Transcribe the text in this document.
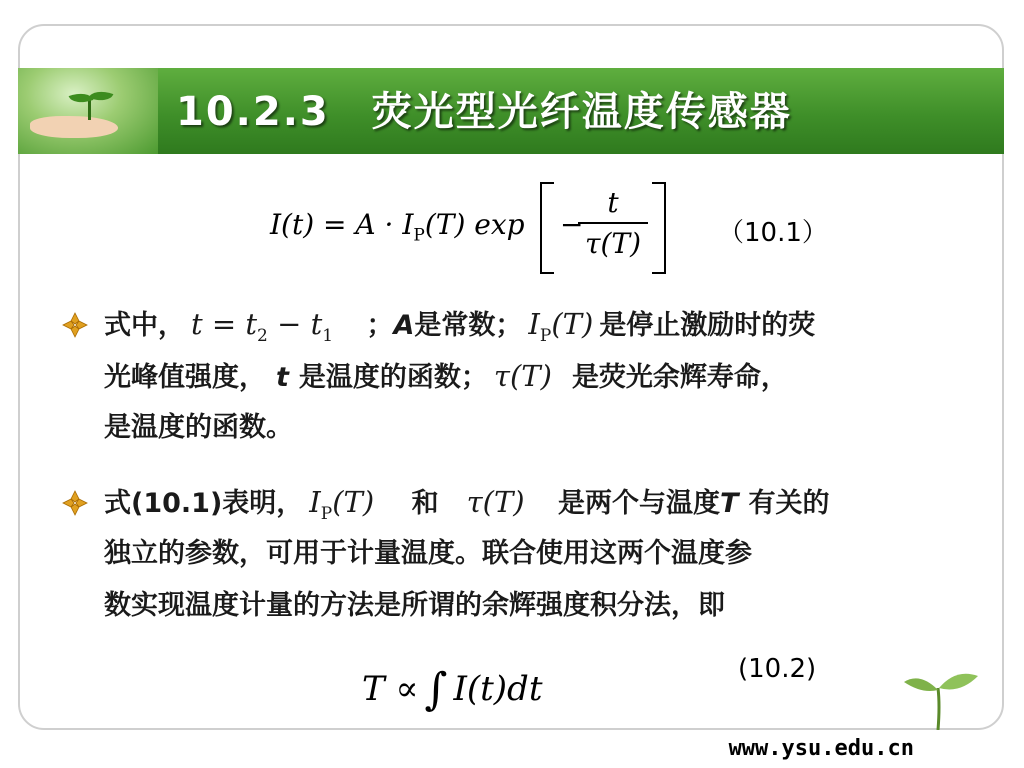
10.2.3　荧光型光纤温度传感器
$I(t) = A \cdot I_P(T) \exp$ −
t
τ(T)	（10.1）
式中， $t = t_2 - t_1$ ；A是常数； $I_P(T)$ 是停止激励时的荧
光峰值强度， t 是温度的函数； τ(T) 是荧光余辉寿命，
是温度的函数。
式(10.1)表明， $I_P(T)$ 和 τ(T) 是两个与温度T 有关的
独立的参数，可用于计量温度。联合使用这两个温度参
数实现温度计量的方法是所谓的余辉强度积分法，即
T ∝ ∫ I(t)dt	(10.2)
www.ysu.edu.cn
